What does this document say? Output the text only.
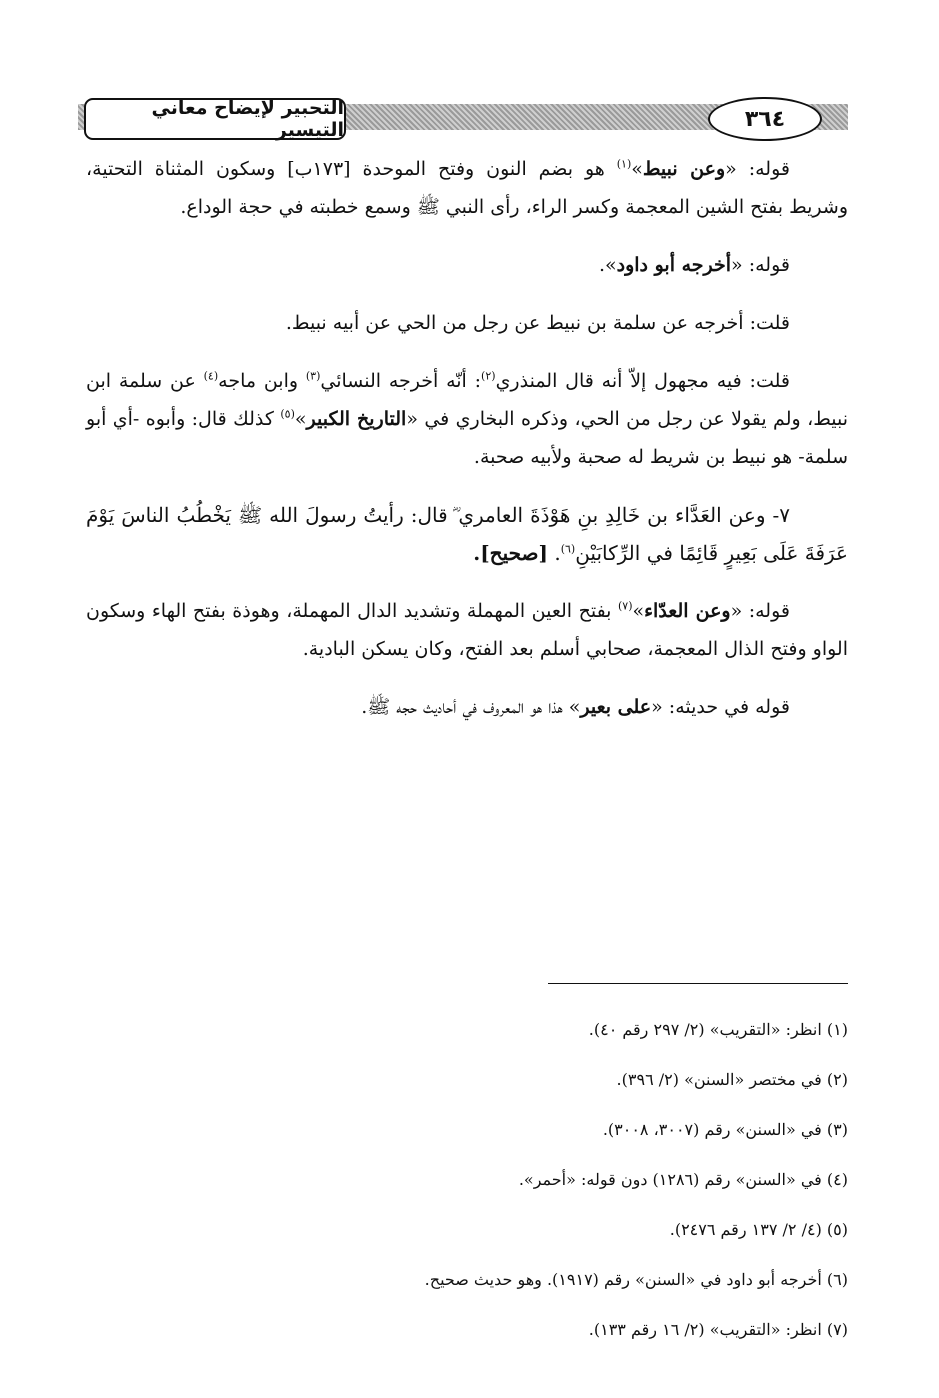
التحبير لإيضاح معاني التيسير	٣٦٤

قوله: «وعن نبيط»$^{(١)}$ هو بضم النون وفتح الموحدة [١٧٣ب] وسكون المثناة التحتية، وشريط بفتح الشين المعجمة وكسر الراء، رأى النبي ﷺ وسمع خطبته في حجة الوداع.

قوله: «أخرجه أبو داود».

قلت: أخرجه عن سلمة بن نبيط عن رجل من الحي عن أبيه نبيط.

قلت: فيه مجهول إلاّ أنه قال المنذري$^{(٢)}$: أنّه أخرجه النسائي$^{(٣)}$ وابن ماجه$^{(٤)}$ عن سلمة ابن نبيط، ولم يقولا عن رجل من الحي، وذكره البخاري في «التاريخ الكبير»$^{(٥)}$ كذلك قال: وأبوه -أي أبو سلمة- هو نبيط بن شريط له صحبة ولأبيه صحبة.

٧- وعن العَدَّاء بن خَالِدِ بنِ هَوْذَةَ العامري ؓ قال: رأيتُ رسولَ الله ﷺ يَخْطُبُ الناسَ يَوْمَ عَرَفَةَ عَلَى بَعِيرٍ قَائِمًا في الرِّكابَيْنِ$^{(٦)}$. [صحيح].

قوله: «وعن العدّاء»$^{(٧)}$ بفتح العين المهملة وتشديد الدال المهملة، وهوذة بفتح الهاء وسكون الواو وفتح الذال المعجمة، صحابي أسلم بعد الفتح، وكان يسكن البادية.

قوله في حديثه: «على بعير» هذا هو المعروف في أحاديث حجه ﷺ.

(١) انظر: «التقريب» (٢/ ٢٩٧ رقم ٤٠).
(٢) في مختصر «السنن» (٢/ ٣٩٦).
(٣) في «السنن» رقم (٣٠٠٧، ٣٠٠٨).
(٤) في «السنن» رقم (١٢٨٦) دون قوله: «أحمر».
(٥) (٤/ ٢/ ١٣٧ رقم ٢٤٧٦).
(٦) أخرجه أبو داود في «السنن» رقم (١٩١٧). وهو حديث صحيح.
(٧) انظر: «التقريب» (٢/ ١٦ رقم ١٣٣).
